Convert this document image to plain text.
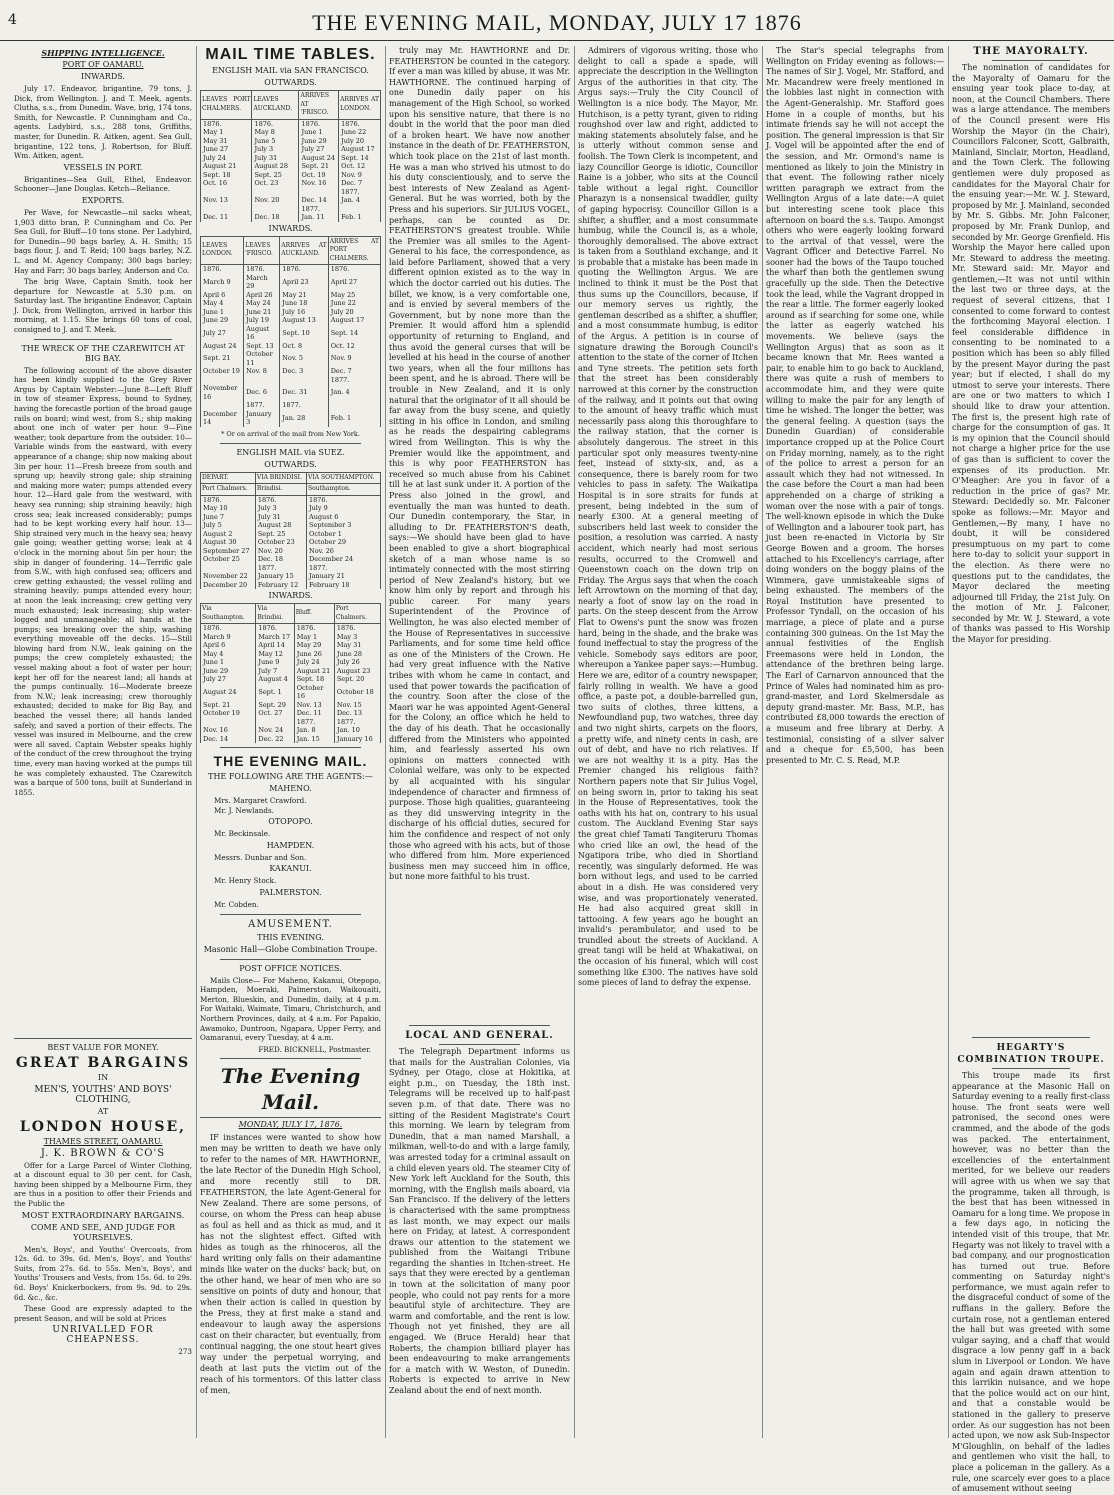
4	THE EVENING MAIL, MONDAY, JULY 17 1876
SHIPPING INTELLIGENCE.
PORT OF OAMARU.
INWARDS.

July 17. Endeavor, brigantine, 79 tons, J. Dick, from Wellington. J. and T. Meek, agents. Clutha, s.s., from Dunedin. Wave, brig, 174 tons, Smith, for Newcastle. P. Cunningham and Co., agents. Ladybird, s.s., 288 tons, Griffiths, master, for Dunedin. R. Aitken, agent. Sea Gull, brigantine, 122 tons, J. Robertson, for Bluff. Wm. Aitken, agent.

VESSELS IN PORT.

Brigantines—Sea Gull, Ethel, Endeavor. Schooner—Jane Douglas. Ketch—Reliance.

EXPORTS.

Per Wave, for Newcastle—nil sacks wheat, 1,903 ditto bran, P. Cunningham and Co. Per Sea Gull, for Bluff—10 tons stone. Per Ladybird, for Dunedin—90 bags barley, A. H. Smith; 15 bags flour, J. and T. Reid; 100 bags barley, N.Z. L. and M. Agency Company; 300 bags barley; Hay and Farr; 30 bags barley, Anderson and Co.

The brig Wave, Captain Smith, took her departure for Newcastle at 5.30 p.m. on Saturday last. The brigantine Endeavor, Captain J. Dick, from Wellington, arrived in harbor this morning, at 1.15. She brings 60 tons of coal, consigned to J. and T. Meek.

THE WRECK OF THE CZAREWITCH AT BIG BAY.

The following account of the above disaster has been kindly supplied to the Grey River Argus by Captain Webster:—June 8—Left Bluff in tow of steamer Express, bound to Sydney, having the forecastle portion of the broad gauge rails on board; wind west, from S.; ship making about one inch of water per hour. 9—Fine weather; took departure from the outsider. 10—Variable winds from the eastward, with every appearance of a change; ship now making about 3in per hour. 11—Fresh breeze from south and sprung up; heavily strong gale; ship straining and making more water; pumps attended every hour. 12—Hard gale from the westward, with heavy sea running; ship straining heavily; high cross sea; leak increased considerably; pumps had to be kept working every half hour. 13—Ship strained very much in the heavy sea; heavy gale going; weather getting worse; leak at 4 o'clock in the morning about 5in per hour; the ship in danger of foundering. 14—Terrific gale from S.W., with high confused sea; officers and crew getting exhausted; the vessel rolling and straining heavily; pumps attended every hour; at noon the leak increasing; crew getting very much exhausted; leak increasing; ship water-logged and unmanageable; all hands at the pumps; sea breaking over the ship, washing everything moveable off the decks. 15—Still blowing hard from N.W., leak gaining on the pumps; the crew completely exhausted; the vessel making about a foot of water per hour; kept her off for the nearest land; all hands at the pumps continually. 16—Moderate breeze from N.W.; leak increasing; crew thoroughly exhausted; decided to make for Big Bay, and beached the vessel there; all hands landed safely, and saved a portion of their effects. The vessel was insured in Melbourne, and the crew were all saved. Captain Webster speaks highly of the conduct of the crew throughout the trying time, every man having worked at the pumps till he was completely exhausted. The Czarewitch was a barque of 500 tons, built at Sunderland in 1855.

BEST VALUE FOR MONEY.
GREAT BARGAINS
IN
MEN'S, YOUTHS' AND BOYS' CLOTHING,
AT
LONDON HOUSE,
THAMES STREET, OAMARU.
J. K. BROWN & CO'S

Offer for a Large Parcel of Winter Clothing, at a discount equal to 30 per cent. for Cash, having been shipped by a Melbourne Firm, they are thus in a position to offer their Friends and the Public the

MOST EXTRAORDINARY BARGAINS.
COME AND SEE, AND JUDGE FOR YOURSELVES.

Men's, Boys', and Youths' Overcoats, from 12s. 6d. to 39s. 6d. Men's, Boys', and Youths' Suits, from 27s. 6d. to 55s. Men's, Boys', and Youths' Trousers and Vests, from 15s. 6d. to 29s. 6d. Boys' Knickerbockers, from 9s. 9d. to 29s. 6d. &c., &c.

These Good are expressly adapted to the present Season, and will be sold at Prices

UNRIVALLED FOR CHEAPNESS.
273
MAIL TIME TABLES.
ENGLISH MAIL via SAN FRANCISCO.
OUTWARDS.
LEAVES PORT CHALMERS.	LEAVES AUCKLAND.	ARRIVES AT 'FRISCO.	ARRIVES AT LONDON.
1876.	1876.	1876.	1876.
May 1	May 8	June 1	June 22
May 31	June 5	June 29	July 20
June 27	July 3	July 27	August 17
July 24	July 31	August 24	Sept. 14
August 21	August 28	Sept. 21	Oct. 12
Sept. 18	Sept. 25	Oct. 19	Nov. 9
Oct. 16	Oct. 23	Nov. 16	Dec. 7
			1877.
Nov. 13	Nov. 20	Dec. 14	Jan. 4
		1877.	
Dec. 11	Dec. 18	Jan. 11	Feb. 1
INWARDS.
LEAVES LONDON.	LEAVES 'FRISCO.	ARRIVES AT AUCKLAND.	ARRIVES AT PORT CHALMERS.
1876.	1876.	1876.	1876.
March 9	March 29	April 23	April 27
April 6	April 26	May 21	May 25
May 4	May 24	June 18	June 22
June 1	June 21	July 16	July 20
June 29	July 19	August 13	August 17
July 27	August 16	Sept. 10	Sept. 14
August 24	Sept. 13	Oct. 8	Oct. 12
Sept. 21	October 11	Nov. 5	Nov. 9
October 19	Nov. 8	Dec. 3	Dec. 7
			1877.
November 16	Dec. 6	Dec. 31	Jan. 4
	1877.	1877.	
December 14	January 3	Jan. 28	Feb. 1
* Or on arrival of the mail from New York.
ENGLISH MAIL via SUEZ.
OUTWARDS.
DEPART.	VIA BRINDISI.	VIA SOUTHAMPTON.
Port Chalmers.	Brindisi.	Southampton.
1876.	1876.	1876.
May 10	July 3	July 9
June 7	July 31	August 6
July 5	August 28	September 3
August 2	Sept. 25	October 1
August 30	October 23	October 29
September 27	Nov. 20	Nov. 26
October 25	Dec. 18	December 24
	1877.	1877.
November 22	January 15	January 21
December 20	February 12	February 18
INWARDS.
Via Southampton.	Via Brindisi.	Bluff.	Port Chalmers.
1876.	1876.	1876.	1876.
March 9	March 17	May 1	May 3
April 6	April 14	May 29	May 31
May 4	May 12	June 26	June 28
June 1	June 9	July 24	July 26
June 29	July 7	August 21	August 23
July 27	August 4	Sept. 18	Sept. 20
August 24	Sept. 1	October 16	October 18
Sept. 21	Sept. 29	Nov. 13	Nov. 15
October 19	Oct. 27	Dec. 11	Dec. 13
		1877.	1877.
Nov. 16	Nov. 24	Jan. 8	Jan. 10
Dec. 14	Dec. 22	Jan. 15	January 16
THE EVENING MAIL.
THE FOLLOWING ARE THE AGENTS:—
MAHENO.
Mrs. Margaret Crawford.
Mr. J. Newlands.
OTOPOPO.
Mr. Beckinsale.
HAMPDEN.
Messrs. Dunbar and Son.
KAKANUI.
Mr. Henry Stock.
PALMERSTON.
Mr. Cobden.
AMUSEMENT.
THIS EVENING.
Masonic Hall—Globe Combination Troupe.
POST OFFICE NOTICES.

Mails Close— For Maheno, Kakanui, Otepopo, Hampden, Moeraki, Palmerston, Waikouaiti, Merton, Blueskin, and Dunedin, daily, at 4 p.m. For Waitaki, Waimate, Timaru, Christchurch, and Northern Provinces, daily, at 4 a.m. For Papakio, Awamoko, Duntroon, Ngapara, Upper Ferry, and Oamaranui, every Tuesday, at 4 a.m.

FRED. BICKNELL, Postmaster.
The Evening Mail.
MONDAY, JULY 17, 1876.

IF instances were wanted to show how men may be written to death we have only to refer to the names of MR. HAWTHORNE, the late Rector of the Dunedin High School, and more recently still to DR. FEATHERSTON, the late Agent-General for New Zealand. There are some persons, of course, on whom the Press can heap abuse as foul as hell and as thick as mud, and it has not the slightest effect. Gifted with hides as tough as the rhinoceros, all the hard writing only falls on their adamantine minds like water on the ducks' back; but, on the other hand, we hear of men who are so sensitive on points of duty and honour, that when their action is called in question by the Press, they at first make a stand and endeavour to laugh away the aspersions cast on their character, but eventually, from continual nagging, the one stout heart gives way under the perpetual worrying, and death at last puts the victim out of the reach of his tormentors. Of this latter class of men,

truly may Mr. HAWTHORNE and Dr. FEATHERSTON be counted in the category. If ever a man was killed by abuse, it was Mr. HAWTHORNE. The continued harping of one Dunedin daily paper on his management of the High School, so worked upon his sensitive nature, that there is no doubt in the world that the poor man died of a broken heart. We have now another instance in the death of Dr. FEATHERSTON, which took place on the 21st of last month. He was a man who strived his utmost to do his duty conscientiously, and to serve the best interests of New Zealand as Agent-General. But he was worried, both by the Press and his superiors. Sir JULIUS VOGEL, perhaps, can be counted as Dr. FEATHERSTON'S greatest trouble. While the Premier was all smiles to the Agent-General to his face, the correspondence, as laid before Parliament, showed that a very different opinion existed as to the way in which the doctor carried out his duties. The billet, we know, is a very comfortable one, and is envied by several members of the Government, but by none more than the Premier. It would afford him a splendid opportunity of returning to England, and thus avoid the general curses that will be levelled at his head in the course of another two years, when all the four millions has been spent, and he is abroad. There will be trouble in New Zealand, and it is only natural that the originator of it all should be far away from the busy scene, and quietly sitting in his office in London, and smiling as he reads the despairing cablegrams wired from Wellington. This is why the Premier would like the appointment, and this is why poor FEATHERSTON has received so much abuse from his Cabinet till he at last sunk under it. A portion of the Press also joined in the growl, and eventually the man was hunted to death. Our Dunedin contemporary, the Star, in alluding to Dr. FEATHERSTON'S death, says:—We should have been glad to have been enabled to give a short biographical sketch of a man whose name is so intimately connected with the most stirring period of New Zealand's history, but we know him only by report and through his public career. For many years Superintendent of the Province of Wellington, he was also elected member of the House of Representatives in successive Parliaments, and for some time held office as one of the Ministers of the Crown. He had very great influence with the Native tribes with whom he came in contact, and used that power towards the pacification of the country. Soon after the close of the Maori war he was appointed Agent-General for the Colony, an office which he held to the day of his death. That he occasionally differed from the Ministers who appointed him, and fearlessly asserted his own opinions on matters connected with Colonial welfare, was only to be expected by all acquainted with his singular independence of character and firmness of purpose. Those high qualities, guaranteeing as they did unswerving integrity in the discharge of his official duties, secured for him the confidence and respect of not only those who agreed with his acts, but of those who differed from him. More experienced business men may succeed him in office, but none more faithful to his trust.

LOCAL AND GENERAL.

The Telegraph Department informs us that mails for the Australian Colonies, via Sydney, per Otago, close at Hokitika, at eight p.m., on Tuesday, the 18th inst. Telegrams will be received up to half-past seven p.m. of that date. There was no sitting of the Resident Magistrate's Court this morning. We learn by telegram from Dunedin, that a man named Marshall, a milkman, well-to-do and with a large family, was arrested today for a criminal assault on a child eleven years old. The steamer City of New York left Auckland for the South, this morning, with the English mails aboard, via San Francisco. If the delivery of the letters is characterised with the same promptness as last month, we may expect our mails here on Friday, at latest. A correspondent draws our attention to the statement we published from the Waitangi Tribune regarding the shanties in Itchen-street. He says that they were erected by a gentleman in town at the solicitation of many poor people, who could not pay rents for a more beautiful style of architecture. They are warm and comfortable, and the rent is low. Though not yet finished, they are all engaged. We (Bruce Herald) hear that Roberts, the champion billiard player has been endeavouring to make arrangements for a match with W. Weston, of Dunedin. Roberts is expected to arrive in New Zealand about the end of next month.

Admirers of vigorous writing, those who delight to call a spade a spade, will appreciate the description in the Wellington Argus of the authorities in that city. The Argus says:—Truly the City Council of Wellington is a nice body. The Mayor, Mr. Hutchison, is a petty tyrant, given to riding roughshod over law and right, addicted to making statements absolutely false, and he is utterly without common sense and foolish. The Town Clerk is incompetent, and lazy Councillor George is idiotic, Councillor Raine is a jobber, who sits at the Council table without a legal right. Councillor Pharazyn is a nonsensical twaddler, guilty of gaping hypocrisy. Councillor Gillon is a shifter, a shuffler, and a most consummate humbug, while the Council is, as a whole, thoroughly demoralised. The above extract is taken from a Southland exchange, and it is probable that a mistake has been made in quoting the Wellington Argus. We are inclined to think it must be the Post that thus sums up the Councillors, because, if our memory serves us rightly, the gentleman described as a shifter, a shuffler, and a most consummate humbug, is editor of the Argus. A petition is in course of signature drawing the Borough Council's attention to the state of the corner of Itchen and Tyne streets. The petition sets forth that the street has been considerably narrowed at this corner by the construction of the railway, and it points out that owing to the amount of heavy traffic which must necessarily pass along this thoroughfare to the railway station, that the corner is absolutely dangerous. The street in this particular spot only measures twenty-nine feet, instead of sixty-six, and, as a consequence, there is barely room for two vehicles to pass in safety. The Waikatipa Hospital is in sore straits for funds at present, being indebted in the sum of nearly £300. At a general meeting of subscribers held last week to consider the position, a resolution was carried. A nasty accident, which nearly had most serious results, occurred to the Cromwell and Queenstown coach on the down trip on Friday. The Argus says that when the coach left Arrowtown on the morning of that day, nearly a foot of snow lay on the road in parts. On the steep descent from the Arrow Flat to Owens's punt the snow was frozen hard, being in the shade, and the brake was found ineffectual to stay the progress of the vehicle. Somebody says editors are poor, whereupon a Yankee paper says:—Humbug. Here we are, editor of a country newspaper, fairly rolling in wealth. We have a good office, a paste pot, a double-barrelled gun, two suits of clothes, three kittens, a Newfoundland pup, two watches, three day and two night shirts, carpets on the floors, a pretty wife, and ninety cents in cash, are out of debt, and have no rich relatives. If we are not wealthy it is a pity. Has the Premier changed his religious faith? Northern papers note that Sir Julius Vogel, on being sworn in, prior to taking his seat in the House of Representatives, took the oaths with his hat on, contrary to his usual custom. The Auckland Evening Star says the great chief Tamati Tangiteruru Thomas who cried like an owl, the head of the Ngatipora tribe, who died in Shortland recently, was singularly deformed. He was born without legs, and used to be carried about in a dish. He was considered very wise, and was proportionately venerated. He had also acquired great skill in tattooing. A few years ago he bought an invalid's perambulator, and used to be trundled about the streets of Auckland. A great tangi will be held at Whakatiwai, on the occasion of his funeral, which will cost something like £300. The natives have sold some pieces of land to defray the expense.

The Star's special telegraphs from Wellington on Friday evening as follows:—The names of Sir J. Vogel, Mr. Stafford, and Mr. Macandrew were freely mentioned in the lobbies last night in connection with the Agent-Generalship. Mr. Stafford goes Home in a couple of months, but his intimate friends say he will not accept the position. The general impression is that Sir J. Vogel will be appointed after the end of the session, and Mr. Ormond's name is mentioned as likely to join the Ministry in that event. The following rather nicely written paragraph we extract from the Wellington Argus of a late date:—A quiet but interesting scene took place this afternoon on board the s.s. Taupo. Amongst others who were eagerly looking forward to the arrival of that vessel, were the Vagrant Officer and Detective Farrel. No sooner had the bows of the Taupo touched the wharf than both the gentlemen swung gracefully up the side. Then the Detective took the lead, while the Vagrant dropped in the rear a little. The former eagerly looked around as if searching for some one, while the latter as eagerly watched his movements. We believe (says the Wellington Argus) that as soon as it became known that Mr. Rees wanted a pair, to enable him to go back to Auckland, there was quite a rush of members to accommodate him, and they were quite willing to make the pair for any length of time he wished. The longer the better, was the general feeling. A question (says the Dunedin Guardian) of considerable importance cropped up at the Police Court on Friday morning, namely, as to the right of the police to arrest a person for an assault which they had not witnessed. In the case before the Court a man had been apprehended on a charge of striking a woman over the nose with a pair of tongs. The well-known episode in which the Duke of Wellington and a labourer took part, has just been re-enacted in Victoria by Sir George Bowen and a groom. The horses attached to his Excellency's carriage, after doing wonders on the boggy plains of the Wimmera, gave unmistakeable signs of being exhausted. The members of the Royal Institution have presented to Professor Tyndall, on the occasion of his marriage, a piece of plate and a purse containing 300 guineas. On the 1st May the annual festivities of the English Freemasons were held in London, the attendance of the brethren being large. The Earl of Carnarvon announced that the Prince of Wales had nominated him as pro-grand-master, and Lord Skelmersdale as deputy grand-master. Mr. Bass, M.P., has contributed £8,000 towards the erection of a museum and free library at Derby. A testimonial, consisting of a silver salver and a cheque for £5,500, has been presented to Mr. C. S. Read, M.P.

THE MAYORALTY.

The nomination of candidates for the Mayoralty of Oamaru for the ensuing year took place to-day, at noon, at the Council Chambers. There was a large attendance. The members of the Council present were His Worship the Mayor (in the Chair), Councillors Falconer, Scott, Galbraith, Mainland, Sinclair, Morton, Headland, and the Town Clerk. The following gentlemen were duly proposed as candidates for the Mayoral Chair for the ensuing year:—Mr. W. J. Steward, proposed by Mr. J. Mainland, seconded by Mr. S. Gibbs. Mr. John Falconer, proposed by Mr. Frank Dunlop, and seconded by Mr. George Grenfield. His Worship the Mayor here called upon Mr. Steward to address the meeting. Mr. Steward said: Mr. Mayor and gentlemen,—It was not until within the last two or three days, at the request of several citizens, that I consented to come forward to contest the forthcoming Mayoral election. I feel considerable diffidence in consenting to be nominated to a position which has been so ably filled by the present Mayor during the past year; but if elected, I shall do my utmost to serve your interests. There are one or two matters to which I should like to draw your attention. The first is, the present high rate of charge for the consumption of gas. It is my opinion that the Council should not charge a higher price for the use of gas than is sufficient to cover the expenses of its production. Mr. O'Meagher: Are you in favor of a reduction in the price of gas? Mr. Steward: Decidedly so. Mr. Falconer spoke as follows:—Mr. Mayor and Gentlemen,—By many, I have no doubt, it will be considered presumptuous on my part to come here to-day to solicit your support in the election. As there were no questions put to the candidates, the Mayor declared the meeting adjourned till Friday, the 21st July. On the motion of Mr. J. Falconer, seconded by Mr. W. J. Steward, a vote of thanks was passed to His Worship the Mayor for presiding.

HEGARTY'S COMBINATION TROUPE.

This troupe made its first appearance at the Masonic Hall on Saturday evening to a really first-class house. The front seats were well patronised, the second ones were crammed, and the abode of the gods was packed. The entertainment, however, was no better than the excellencies of the entertainment merited, for we believe our readers will agree with us when we say that the programme, taken all through, is the best that has been witnessed in Oamaru for a long time. We propose in a few days ago, in noticing the intended visit of this troupe, that Mr. Hegarty was not likely to travel with a bad company, and our prognostication has turned out true. Before commenting on Saturday night's performance, we must again refer to the disgraceful conduct of some of the ruffians in the gallery. Before the curtain rose, not a gentleman entered the hall but was greeted with some vulgar saying, and a chaff that would disgrace a low penny gaff in a back slum in Liverpool or London. We have again and again drawn attention to this larrikin nuisance, and we hope that the police would act on our hint, and that a constable would be stationed in the gallery to preserve order. As our suggestion has not been acted upon, we now ask Sub-Inspector M'Gloughlin, on behalf of the ladies and gentlemen who visit the hall, to place a policeman in the gallery. As a rule, one scarcely ever goes to a place of amusement without seeing
